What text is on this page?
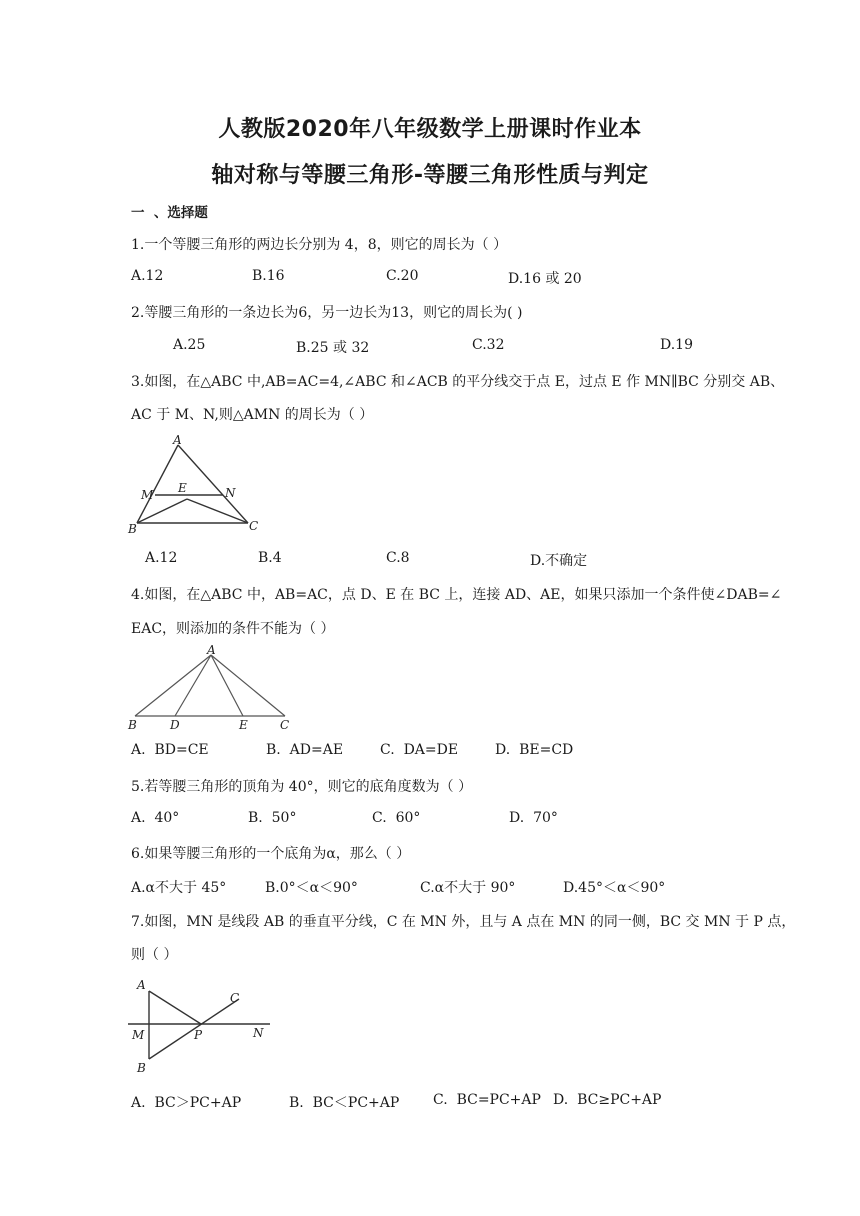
人教版2020年八年级数学上册课时作业本
轴对称与等腰三角形-等腰三角形性质与判定
一  、选择题
1.一个等腰三角形的两边长分别为 4，8，则它的周长为（ ）
A.12	B.16	C.20	D.16 或 20
2.等腰三角形的一条边长为6，另一边长为13，则它的周长为( )
A.25	B.25 或 32	C.32	D.19
3.如图，在△ABC 中,AB=AC=4,∠ABC 和∠ACB 的平分线交于点 E，过点 E 作 MN∥BC 分别交 AB、
AC 于 M、N,则△AMN 的周长为（ ）
A
M E	N
B	C
A.12	B.4	C.8	D.不确定
4.如图，在△ABC 中，AB=AC，点 D、E 在 BC 上，连接 AD、AE，如果只添加一个条件使∠DAB=∠
EAC，则添加的条件不能为（ ）
A
B	D	E	C
A.  BD=CE	B.  AD=AE	C.  DA=DE	D.  BE=CD
5.若等腰三角形的顶角为 40°，则它的底角度数为（ ）
A.  40°	B.  50°	C.  60°	D.  70°
6.如果等腰三角形的一个底角为α，那么（ ）
A.α不大于 45°	B.0°＜α＜90°	C.α不大于 90°	D.45°＜α＜90°
7.如图，MN 是线段 AB 的垂直平分线，C 在 MN 外，且与 A 点在 MN 的同一侧，BC 交 MN 于 P 点，
则（ ）
A
C
M	P	N
B
A.  BC＞PC+AP	B.  BC＜PC+AP C.  BC=PC+AP D.  BC≥PC+AP
